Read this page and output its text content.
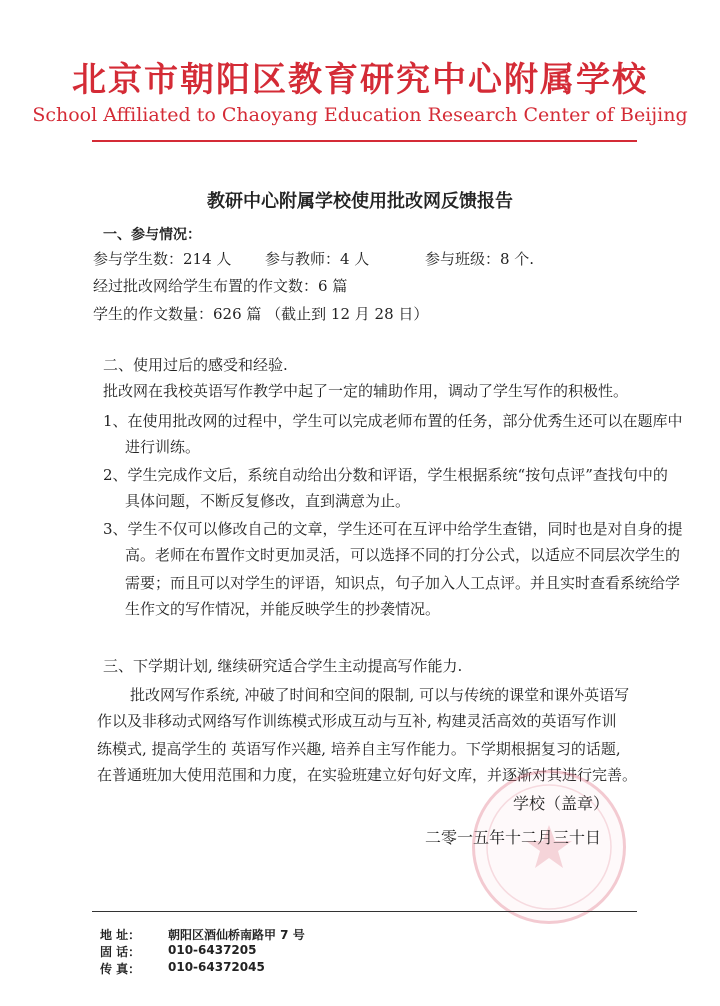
北京市朝阳区教育研究中心附属学校
School Affiliated to Chaoyang Education Research Center of Beijing
教研中心附属学校使用批改网反馈报告
一、参与情况：
参与学生数：214 人 参与教师：4 人	参与班级：8 个.
经过批改网给学生布置的作文数：6 篇
学生的作文数量：626 篇 （截止到 12 月 28 日）
二、使用过后的感受和经验.
批改网在我校英语写作教学中起了一定的辅助作用，调动了学生写作的积极性。
1、在使用批改网的过程中，学生可以完成老师布置的任务，部分优秀生还可以在题库中
进行训练。
2、学生完成作文后，系统自动给出分数和评语，学生根据系统“按句点评”查找句中的
具体问题，不断反复修改，直到满意为止。
3、学生不仅可以修改自己的文章，学生还可在互评中给学生查错，同时也是对自身的提
高。老师在布置作文时更加灵活，可以选择不同的打分公式，以适应不同层次学生的
需要；而且可以对学生的评语，知识点，句子加入人工点评。并且实时查看系统给学
生作文的写作情况，并能反映学生的抄袭情况。
三、下学期计划, 继续研究适合学生主动提高写作能力.
批改网写作系统, 冲破了时间和空间的限制, 可以与传统的课堂和课外英语写
作以及非移动式网络写作训练模式形成互动与互补, 构建灵活高效的英语写作训
练模式, 提高学生的 英语写作兴趣, 培养自主写作能力。下学期根据复习的话题,
在普通班加大使用范围和力度，在实验班建立好句好文库，并逐渐对其进行完善。
学校（盖章）
二零一五年十二月三十日
地 址： 朝阳区酒仙桥南路甲 7 号
固 话： 010-6437205
传 真： 010-64372045
